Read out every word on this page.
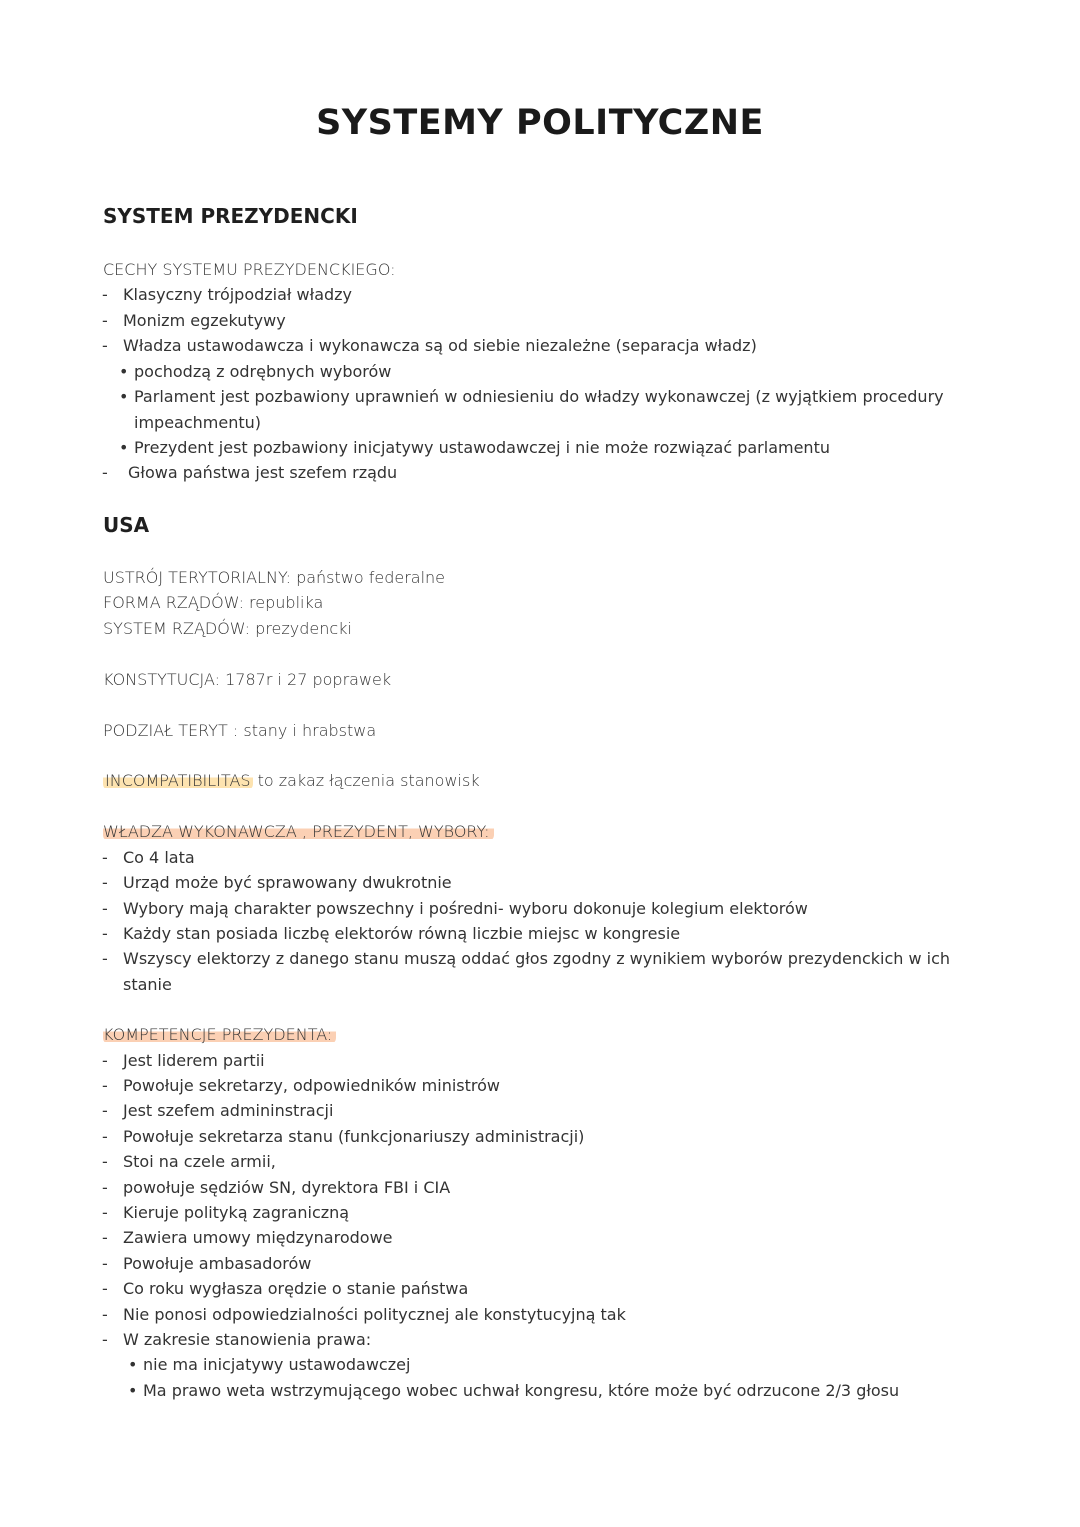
SYSTEMY POLITYCZNE
SYSTEM PREZYDENCKI
CECHY SYSTEMU PREZYDENCKIEGO:
- Klasyczny trójpodział władzy
- Monizm egzekutywy
- Władza ustawodawcza i wykonawcza są od siebie niezależne (separacja władz)
• pochodzą z odrębnych wyborów
• Parlament jest pozbawiony uprawnień w odniesieniu do władzy wykonawczej (z wyjątkiem procedury
impeachmentu)
• Prezydent jest pozbawiony inicjatywy ustawodawczej i nie może rozwiązać parlamentu
- Głowa państwa jest szefem rządu
USA
USTRÓJ TERYTORIALNY: państwo federalne
FORMA RZĄDÓW: republika
SYSTEM RZĄDÓW: prezydencki
KONSTYTUCJA: 1787r i 27 poprawek
PODZIAŁ TERYT : stany i hrabstwa
INCOMPATIBILITAS to zakaz łączenia stanowisk
WŁADZA WYKONAWCZA , PREZYDENT, WYBORY:
- Co 4 lata
- Urząd może być sprawowany dwukrotnie
- Wybory mają charakter powszechny i pośredni- wyboru dokonuje kolegium elektorów
- Każdy stan posiada liczbę elektorów równą liczbie miejsc w kongresie
- Wszyscy elektorzy z danego stanu muszą oddać głos zgodny z wynikiem wyborów prezydenckich w ich
stanie
KOMPETENCJE PREZYDENTA:
- Jest liderem partii
- Powołuje sekretarzy, odpowiedników ministrów
- Jest szefem admininstracji
- Powołuje sekretarza stanu (funkcjonariuszy administracji)
- Stoi na czele armii,
- powołuje sędziów SN, dyrektora FBI i CIA
- Kieruje polityką zagraniczną
- Zawiera umowy międzynarodowe
- Powołuje ambasadorów
- Co roku wygłasza orędzie o stanie państwa
- Nie ponosi odpowiedzialności politycznej ale konstytucyjną tak
- W zakresie stanowienia prawa:
• nie ma inicjatywy ustawodawczej
• Ma prawo weta wstrzymującego wobec uchwał kongresu, które może być odrzucone 2/3 głosu
